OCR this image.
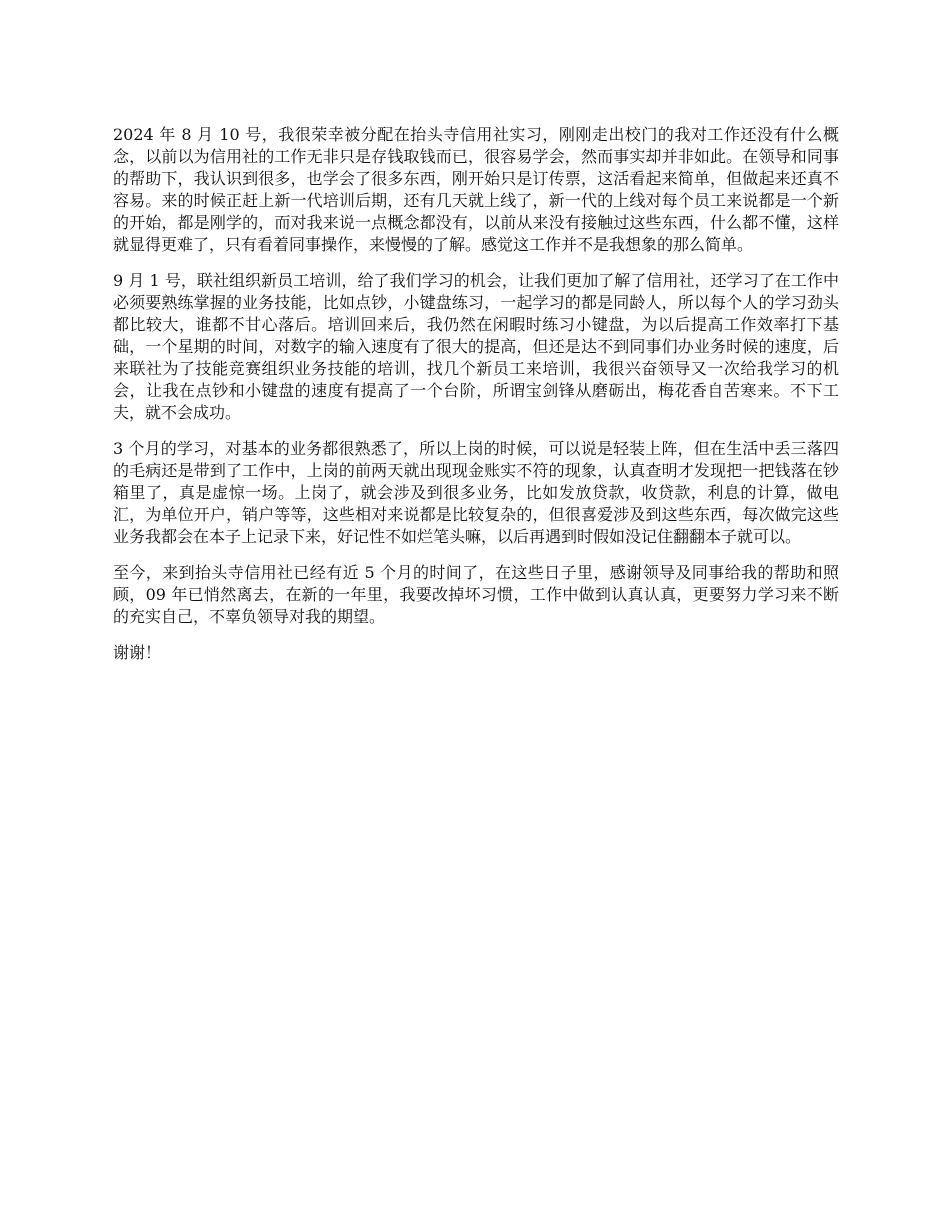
2024 年 8 月 10 号，我很荣幸被分配在抬头寺信用社实习，刚刚走出校门的我对工作还没有什么概念，以前以为信用社的工作无非只是存钱取钱而已，很容易学会，然而事实却并非如此。在领导和同事的帮助下，我认识到很多，也学会了很多东西，刚开始只是订传票，这活看起来简单，但做起来还真不容易。来的时候正赶上新一代培训后期，还有几天就上线了，新一代的上线对每个员工来说都是一个新的开始，都是刚学的，而对我来说一点概念都没有，以前从来没有接触过这些东西，什么都不懂，这样就显得更难了，只有看着同事操作，来慢慢的了解。感觉这工作并不是我想象的那么简单。

9 月 1 号，联社组织新员工培训，给了我们学习的机会，让我们更加了解了信用社，还学习了在工作中必须要熟练掌握的业务技能，比如点钞，小键盘练习，一起学习的都是同龄人，所以每个人的学习劲头都比较大，谁都不甘心落后。培训回来后，我仍然在闲暇时练习小键盘，为以后提高工作效率打下基础，一个星期的时间，对数字的输入速度有了很大的提高，但还是达不到同事们办业务时候的速度，后来联社为了技能竞赛组织业务技能的培训，找几个新员工来培训，我很兴奋领导又一次给我学习的机会，让我在点钞和小键盘的速度有提高了一个台阶，所谓宝剑锋从磨砺出，梅花香自苦寒来。不下工夫，就不会成功。

3 个月的学习，对基本的业务都很熟悉了，所以上岗的时候，可以说是轻装上阵，但在生活中丢三落四的毛病还是带到了工作中，上岗的前两天就出现现金账实不符的现象，认真查明才发现把一把钱落在钞箱里了，真是虚惊一场。上岗了，就会涉及到很多业务，比如发放贷款，收贷款，利息的计算，做电汇，为单位开户，销户等等，这些相对来说都是比较复杂的，但很喜爱涉及到这些东西，每次做完这些业务我都会在本子上记录下来，好记性不如烂笔头嘛，以后再遇到时假如没记住翻翻本子就可以。

至今，来到抬头寺信用社已经有近 5 个月的时间了，在这些日子里，感谢领导及同事给我的帮助和照顾，09 年已悄然离去，在新的一年里，我要改掉坏习惯，工作中做到认真认真，更要努力学习来不断的充实自己，不辜负领导对我的期望。

谢谢！
